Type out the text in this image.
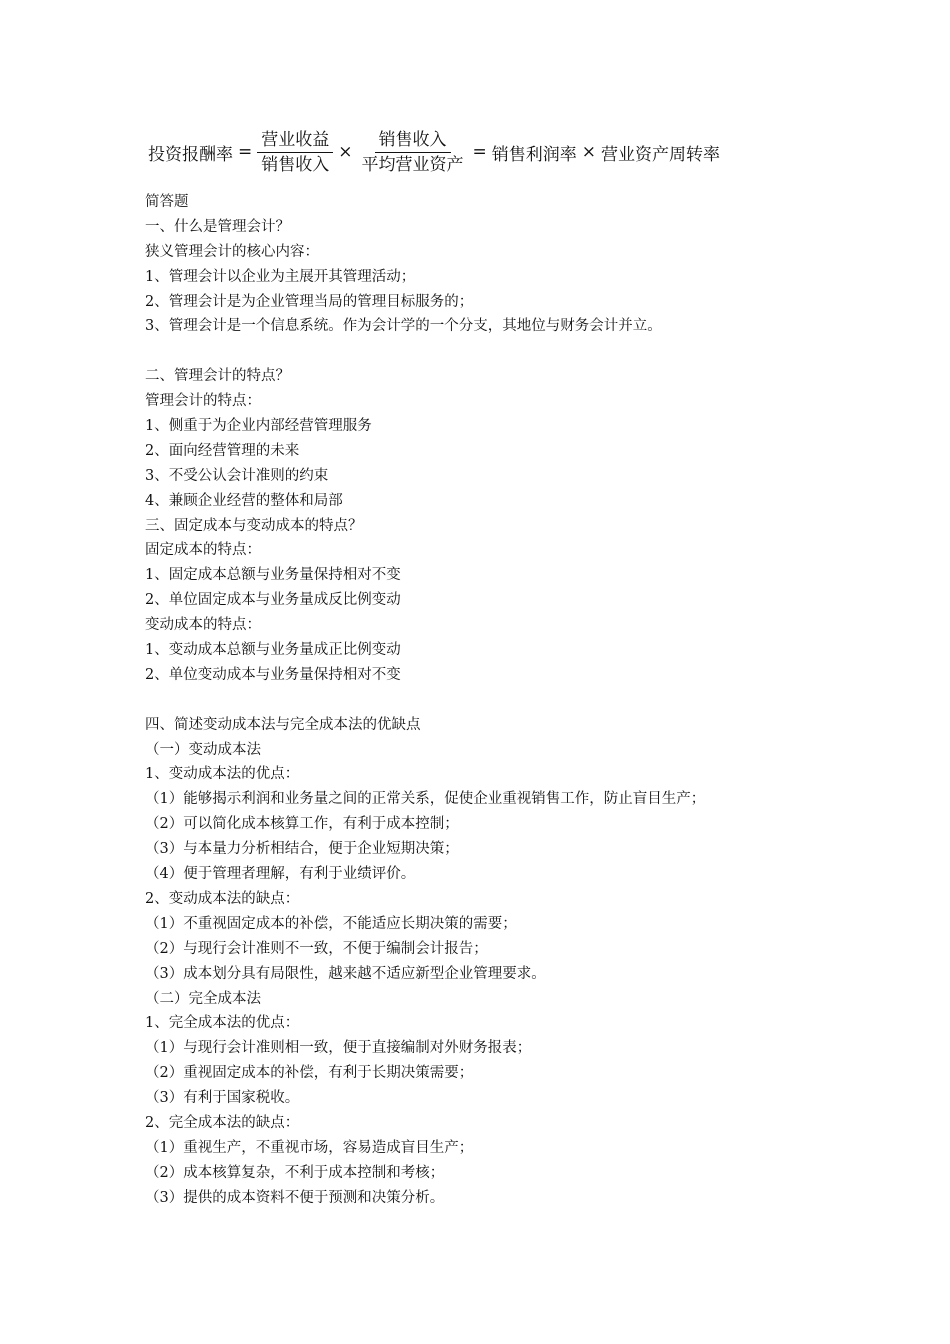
投资报酬率 = $\frac{\text{营业收益}}{\text{销售收入}} \times \frac{\text{销售收入}}{\text{平均营业资产}}$ = 销售利润率 × 营业资产周转率
简答题
一、什么是管理会计？
狭义管理会计的核心内容：
1、管理会计以企业为主展开其管理活动；
2、管理会计是为企业管理当局的管理目标服务的；
3、管理会计是一个信息系统。作为会计学的一个分支，其地位与财务会计并立。
二、管理会计的特点？
管理会计的特点：
1、侧重于为企业内部经营管理服务
2、面向经营管理的未来
3、不受公认会计准则的约束
4、兼顾企业经营的整体和局部
三、固定成本与变动成本的特点？
固定成本的特点：
1、固定成本总额与业务量保持相对不变
2、单位固定成本与业务量成反比例变动
变动成本的特点：
1、变动成本总额与业务量成正比例变动
2、单位变动成本与业务量保持相对不变
四、简述变动成本法与完全成本法的优缺点
（一）变动成本法
1、变动成本法的优点：
（1）能够揭示利润和业务量之间的正常关系，促使企业重视销售工作，防止盲目生产；
（2）可以简化成本核算工作，有利于成本控制；
（3）与本量力分析相结合，便于企业短期决策；
（4）便于管理者理解，有利于业绩评价。
2、变动成本法的缺点：
（1）不重视固定成本的补偿，不能适应长期决策的需要；
（2）与现行会计准则不一致，不便于编制会计报告；
（3）成本划分具有局限性，越来越不适应新型企业管理要求。
（二）完全成本法
1、完全成本法的优点：
（1）与现行会计准则相一致，便于直接编制对外财务报表；
（2）重视固定成本的补偿，有利于长期决策需要；
（3）有利于国家税收。
2、完全成本法的缺点：
（1）重视生产，不重视市场，容易造成盲目生产；
（2）成本核算复杂，不利于成本控制和考核；
（3）提供的成本资料不便于预测和决策分析。
